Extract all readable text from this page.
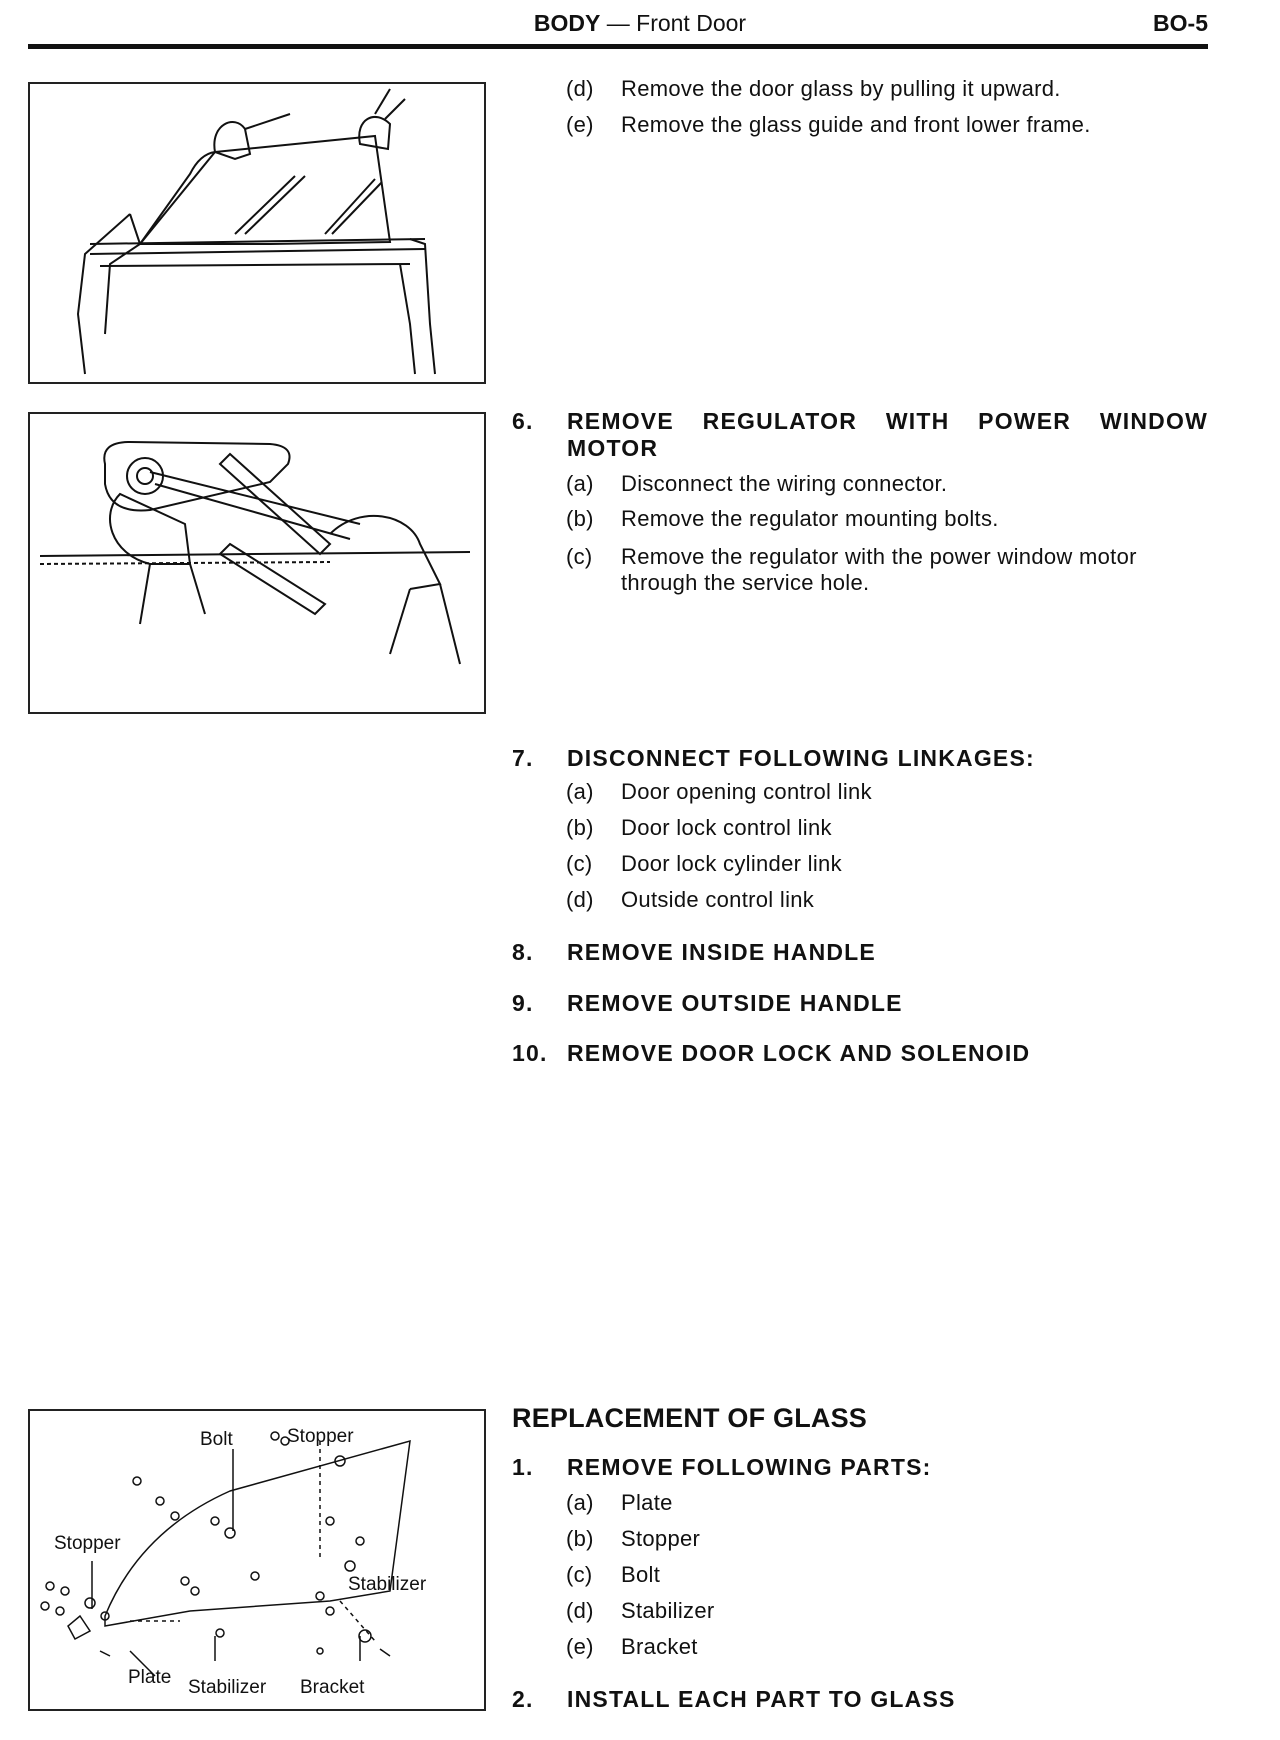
BODY — Front Door	BO-5
(d) Remove the door glass by pulling it upward.
(e) Remove the glass guide and front lower frame.
6.	REMOVE REGULATOR WITH POWER WINDOW
MOTOR
(a) Disconnect the wiring connector.
(b) Remove the regulator mounting bolts.
(c) Remove the regulator with the power window motor
through the service hole.
7. DISCONNECT FOLLOWING LINKAGES:
(a) Door opening control link
(b) Door lock control link
(c) Door lock cylinder link
(d) Outside control link
8. REMOVE INSIDE HANDLE
9. REMOVE OUTSIDE HANDLE
10. REMOVE DOOR LOCK AND SOLENOID
Bolt	Stopper
Stopper
Stabilizer
Plate Stabilizer Bracket
REPLACEMENT OF GLASS
1. REMOVE FOLLOWING PARTS:
(a) Plate
(b) Stopper
(c) Bolt
(d) Stabilizer
(e) Bracket
2. INSTALL EACH PART TO GLASS
